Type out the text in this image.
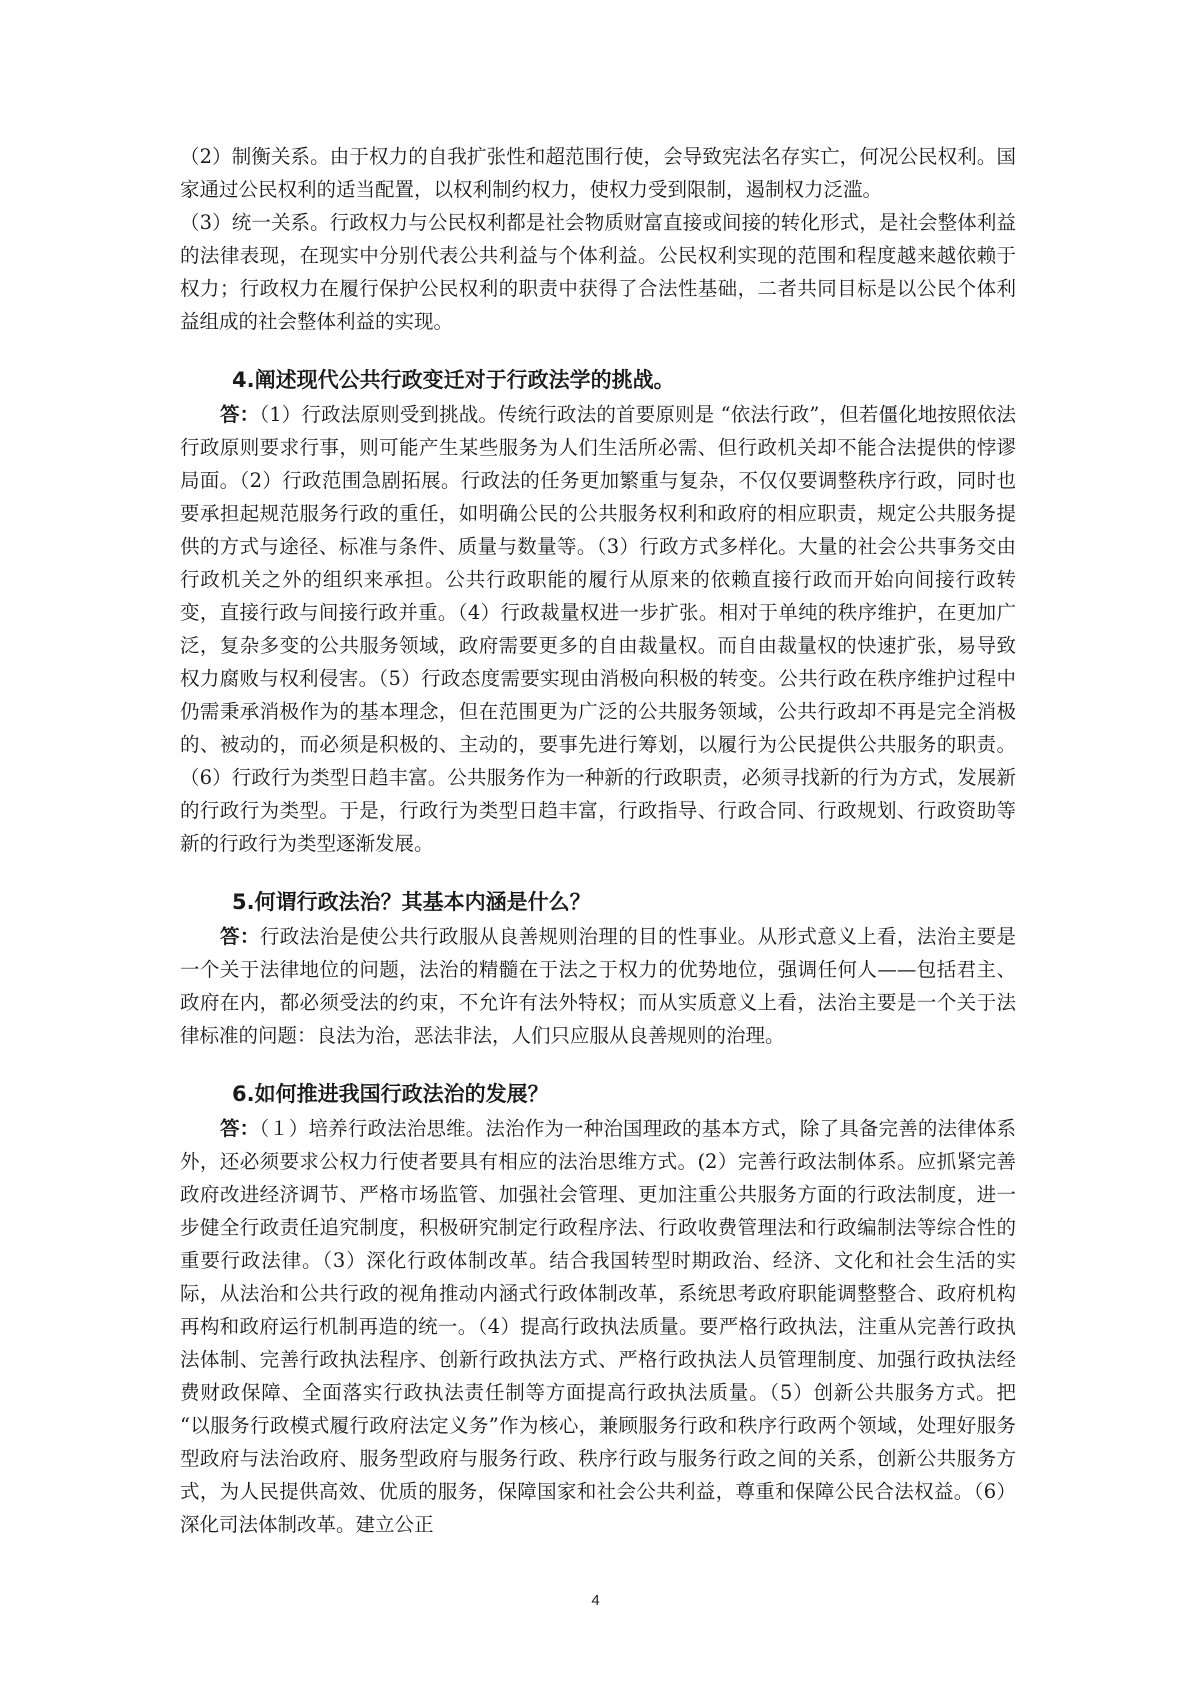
（2）制衡关系。由于权力的自我扩张性和超范围行使，会导致宪法名存实亡，何况公民权利。国家通过公民权利的适当配置，以权利制约权力，使权力受到限制，遏制权力泛滥。

（3）统一关系。行政权力与公民权利都是社会物质财富直接或间接的转化形式，是社会整体利益的法律表现，在现实中分别代表公共利益与个体利益。公民权利实现的范围和程度越来越依赖于权力；行政权力在履行保护公民权利的职责中获得了合法性基础，二者共同目标是以公民个体利益组成的社会整体利益的实现。

4.阐述现代公共行政变迁对于行政法学的挑战。

答：（1）行政法原则受到挑战。传统行政法的首要原则是 “依法行政”，但若僵化地按照依法行政原则要求行事，则可能产生某些服务为人们生活所必需、但行政机关却不能合法提供的悖谬局面。（2）行政范围急剧拓展。行政法的任务更加繁重与复杂，不仅仅要调整秩序行政，同时也要承担起规范服务行政的重任，如明确公民的公共服务权利和政府的相应职责，规定公共服务提供的方式与途径、标准与条件、质量与数量等。（3）行政方式多样化。大量的社会公共事务交由行政机关之外的组织来承担。公共行政职能的履行从原来的依赖直接行政而开始向间接行政转变，直接行政与间接行政并重。（4）行政裁量权进一步扩张。相对于单纯的秩序维护，在更加广泛，复杂多变的公共服务领域，政府需要更多的自由裁量权。而自由裁量权的快速扩张，易导致权力腐败与权利侵害。（5）行政态度需要实现由消极向积极的转变。公共行政在秩序维护过程中仍需秉承消极作为的基本理念，但在范围更为广泛的公共服务领域，公共行政却不再是完全消极的、被动的，而必须是积极的、主动的，要事先进行筹划，以履行为公民提供公共服务的职责。（6）行政行为类型日趋丰富。公共服务作为一种新的行政职责，必须寻找新的行为方式，发展新的行政行为类型。于是，行政行为类型日趋丰富，行政指导、行政合同、行政规划、行政资助等新的行政行为类型逐渐发展。

5.何谓行政法治？其基本内涵是什么？

答：行政法治是使公共行政服从良善规则治理的目的性事业。从形式意义上看，法治主要是一个关于法律地位的问题，法治的精髓在于法之于权力的优势地位，强调任何人——包括君主、政府在内，都必须受法的约束，不允许有法外特权；而从实质意义上看，法治主要是一个关于法律标准的问题：良法为治，恶法非法，人们只应服从良善规则的治理。

6.如何推进我国行政法治的发展？

答：（１）培养行政法治思维。法治作为一种治国理政的基本方式，除了具备完善的法律体系外，还必须要求公权力行使者要具有相应的法治思维方式。(2）完善行政法制体系。应抓紧完善政府改进经济调节、严格市场监管、加强社会管理、更加注重公共服务方面的行政法制度，进一步健全行政责任追究制度，积极研究制定行政程序法、行政收费管理法和行政编制法等综合性的重要行政法律。（3）深化行政体制改革。结合我国转型时期政治、经济、文化和社会生活的实际，从法治和公共行政的视角推动内涵式行政体制改革，系统思考政府职能调整整合、政府机构再构和政府运行机制再造的统一。（4）提高行政执法质量。要严格行政执法，注重从完善行政执法体制、完善行政执法程序、创新行政执法方式、严格行政执法人员管理制度、加强行政执法经费财政保障、全面落实行政执法责任制等方面提高行政执法质量。（5）创新公共服务方式。把 “以服务行政模式履行政府法定义务”作为核心，兼顾服务行政和秩序行政两个领域，处理好服务型政府与法治政府、服务型政府与服务行政、秩序行政与服务行政之间的关系，创新公共服务方式，为人民提供高效、优质的服务，保障国家和社会公共利益，尊重和保障公民合法权益。（6）深化司法体制改革。建立公正

4
